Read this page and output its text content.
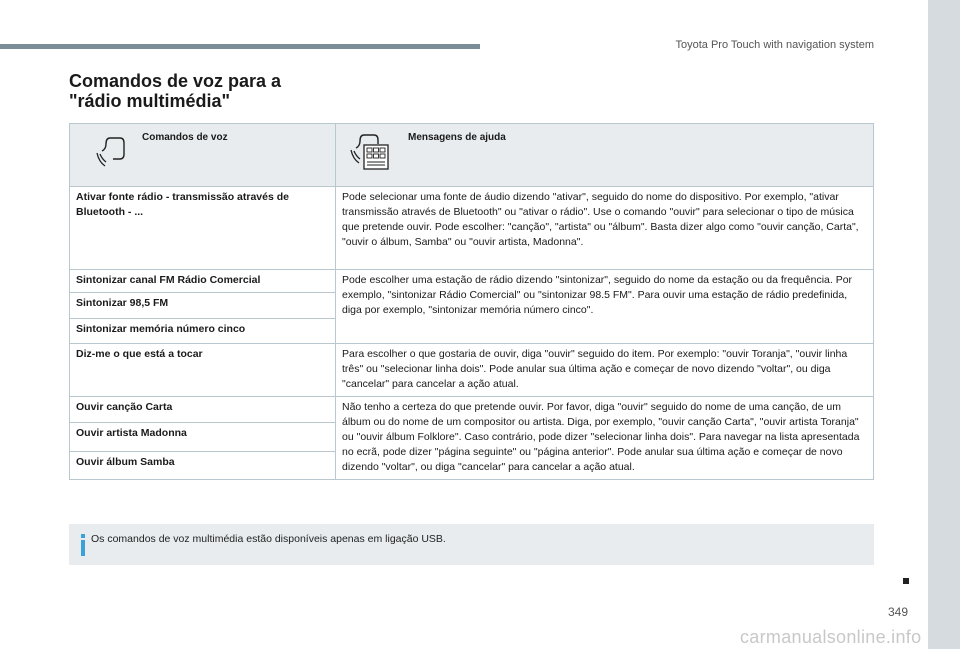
Toyota Pro Touch with navigation system
Comandos de voz para a
"rádio multimédia"
Comandos de voz	Mensagens de ajuda

Ativar fonte rádio - transmissão através de Bluetooth - ...	Pode selecionar uma fonte de áudio dizendo "ativar", seguido do nome do dispositivo. Por exemplo, "ativar transmissão através de Bluetooth" ou "ativar o rádio". Use o comando "ouvir" para selecionar o tipo de música que pretende ouvir. Pode escolher: "canção", "artista" ou "álbum". Basta dizer algo como "ouvir canção, Carta", "ouvir o álbum, Samba" ou "ouvir artista, Madonna".
Sintonizar canal FM Rádio Comercial	Pode escolher uma estação de rádio dizendo "sintonizar", seguido do nome da estação ou da frequência. Por exemplo, "sintonizar Rádio Comercial" ou "sintonizar 98.5 FM". Para ouvir uma estação de rádio predefinida, diga por exemplo, "sintonizar memória número cinco".
Sintonizar 98,5 FM	
Sintonizar memória número cinco	
Diz-me o que está a tocar	Para escolher o que gostaria de ouvir, diga "ouvir" seguido do item. Por exemplo: "ouvir Toranja", "ouvir linha três" ou "selecionar linha dois". Pode anular sua última ação e começar de novo dizendo "voltar", ou diga "cancelar" para cancelar a ação atual.
Ouvir canção Carta	Não tenho a certeza do que pretende ouvir. Por favor, diga "ouvir" seguido do nome de uma canção, de um álbum ou do nome de um compositor ou artista. Diga, por exemplo, "ouvir canção Carta", "ouvir artista Toranja" ou "ouvir álbum Folklore". Caso contrário, pode dizer "selecionar linha dois". Para navegar na lista apresentada no ecrã, pode dizer "página seguinte" ou "página anterior". Pode anular sua última ação e começar de novo dizendo "voltar", ou diga "cancelar" para cancelar a ação atual.
Ouvir artista Madonna	
Ouvir álbum Samba	
Os comandos de voz multimédia estão disponíveis apenas em ligação USB.
349
carmanualsonline.info
